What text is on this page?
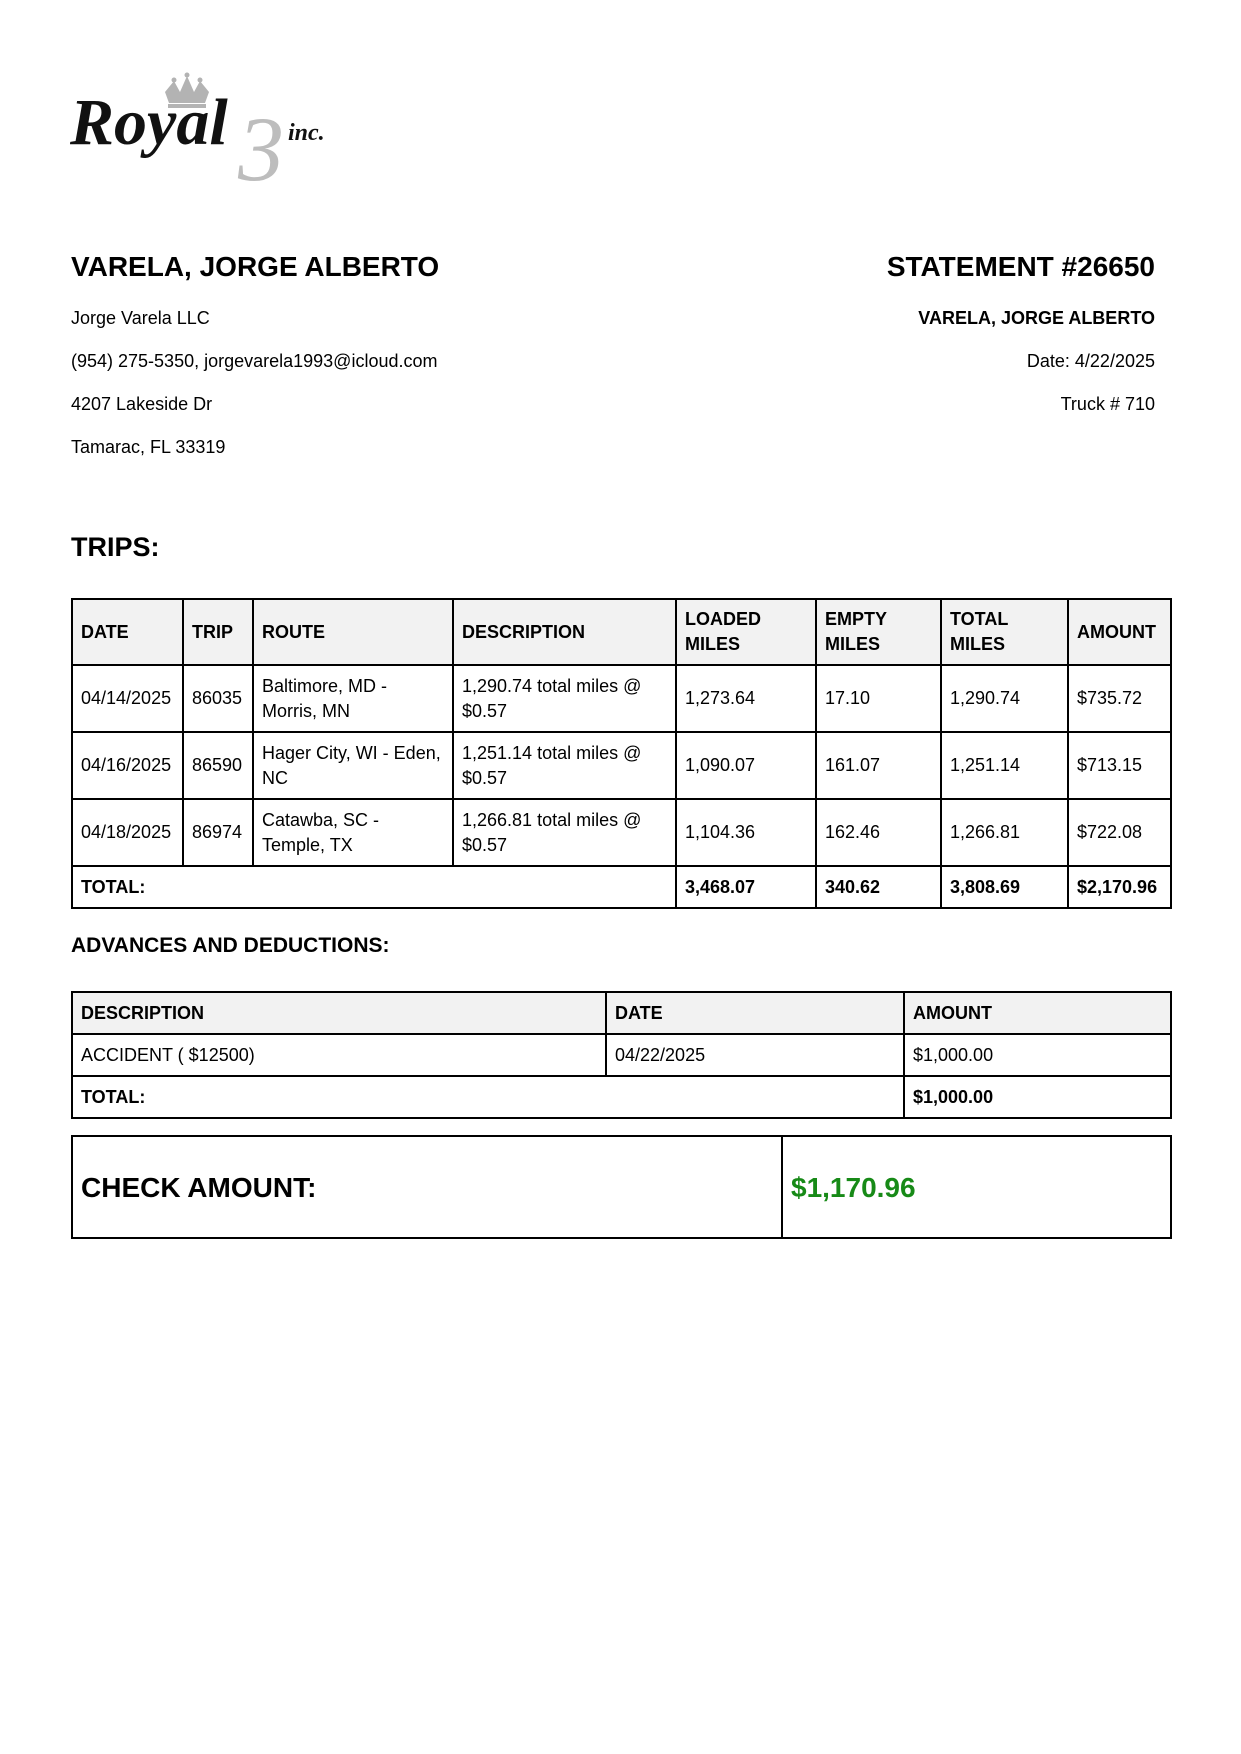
3
Royal	inc.

VARELA, JORGE ALBERTO

Jorge Varela LLC

(954) 275-5350, jorgevarela1993@icloud.com

4207 Lakeside Dr

Tamarac, FL 33319

STATEMENT #26650

VARELA, JORGE ALBERTO

Date: 4/22/2025

Truck # 710

TRIPS:

DATE	TRIP	ROUTE	DESCRIPTION	LOADED MILES	EMPTY MILES	TOTAL MILES	AMOUNT
04/14/2025	86035	Baltimore, MD - Morris, MN	1,290.74 total miles @ $0.57	1,273.64	17.10	1,290.74	$735.72
04/16/2025	86590	Hager City, WI - Eden, NC	1,251.14 total miles @ $0.57	1,090.07	161.07	1,251.14	$713.15
04/18/2025	86974	Catawba, SC - Temple, TX	1,266.81 total miles @ $0.57	1,104.36	162.46	1,266.81	$722.08
TOTAL:				3,468.07	340.62	3,808.69	$2,170.96

ADVANCES AND DEDUCTIONS:

DESCRIPTION	DATE	AMOUNT
ACCIDENT ( $12500)	04/22/2025	$1,000.00
TOTAL:		$1,000.00
CHECK AMOUNT:	$1,170.96
